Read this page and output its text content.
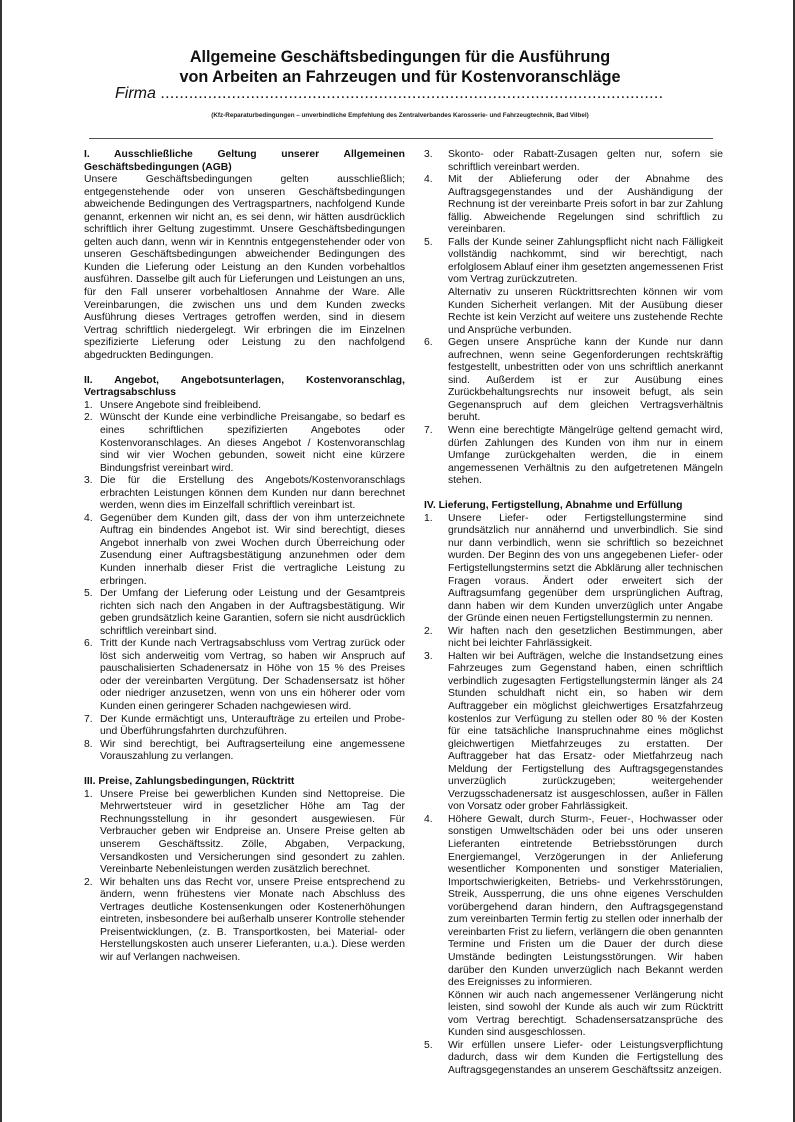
Allgemeine Geschäftsbedingungen für die Ausführung
von Arbeiten an Fahrzeugen und für Kostenvoranschläge
Firma ..........................................................................................................
(Kfz-Reparaturbedingungen – unverbindliche Empfehlung des Zentralverbandes Karosserie- und Fahrzeugtechnik, Bad Vilbel)

I. Ausschließliche Geltung unserer Allgemeinen Geschäftsbedingungen (AGB)

Unsere Geschäftsbedingungen gelten ausschließlich; entgegenstehende oder von unseren Geschäftsbedingungen abweichende Bedingungen des Vertragspartners, nachfolgend Kunde genannt, erkennen wir nicht an, es sei denn, wir hätten ausdrücklich schriftlich ihrer Geltung zugestimmt. Unsere Geschäftsbedingungen gelten auch dann, wenn wir in Kenntnis entgegenstehender oder von unseren Geschäftsbedingungen abweichender Bedingungen des Kunden die Lieferung oder Leistung an den Kunden vorbehaltlos ausführen. Dasselbe gilt auch für Lieferungen und Leistungen an uns, für den Fall unserer vorbehaltlosen Annahme der Ware. Alle Vereinbarungen, die zwischen uns und dem Kunden zwecks Ausführung dieses Vertrages getroffen werden, sind in diesem Vertrag schriftlich niedergelegt. Wir erbringen die im Einzelnen spezifizierte Lieferung oder Leistung zu den nachfolgend abgedruckten Bedingungen.

II. Angebot, Angebotsunterlagen, Kostenvoranschlag, Vertragsabschluss

1. Unsere Angebote sind freibleibend.
2. Wünscht der Kunde eine verbindliche Preisangabe, so bedarf es eines schriftlichen spezifizierten Angebotes oder Kostenvoranschlages. An dieses Angebot / Kostenvoranschlag sind wir vier Wochen gebunden, soweit nicht eine kürzere Bindungsfrist vereinbart wird.
3. Die für die Erstellung des Angebots/Kostenvoranschlags erbrachten Leistungen können dem Kunden nur dann berechnet werden, wenn dies im Einzelfall schriftlich vereinbart ist.
4. Gegenüber dem Kunden gilt, dass der von ihm unterzeichnete Auftrag ein bindendes Angebot ist. Wir sind berechtigt, dieses Angebot innerhalb von zwei Wochen durch Überreichung oder Zusendung einer Auftragsbestätigung anzunehmen oder dem Kunden innerhalb dieser Frist die vertragliche Leistung zu erbringen.
5. Der Umfang der Lieferung oder Leistung und der Gesamtpreis richten sich nach den Angaben in der Auftragsbestätigung. Wir geben grundsätzlich keine Garantien, sofern sie nicht ausdrücklich schriftlich vereinbart sind.
6. Tritt der Kunde nach Vertragsabschluss vom Vertrag zurück oder löst sich anderweitig vom Vertrag, so haben wir Anspruch auf pauschalisierten Schadenersatz in Höhe von 15 % des Preises oder der vereinbarten Vergütung. Der Schadensersatz ist höher oder niedriger anzusetzen, wenn von uns ein höherer oder vom Kunden einen geringerer Schaden nachgewiesen wird.
7. Der Kunde ermächtigt uns, Unteraufträge zu erteilen und Probe- und Überführungsfahrten durchzuführen.
8. Wir sind berechtigt, bei Auftragserteilung eine angemessene Vorauszahlung zu verlangen.

III. Preise, Zahlungsbedingungen, Rücktritt

1. Unsere Preise bei gewerblichen Kunden sind Nettopreise. Die Mehrwertsteuer wird in gesetzlicher Höhe am Tag der Rechnungsstellung in ihr gesondert ausgewiesen. Für Verbraucher geben wir Endpreise an. Unsere Preise gelten ab unserem Geschäftssitz. Zölle, Abgaben, Verpackung, Versandkosten und Versicherungen sind gesondert zu zahlen. Vereinbarte Nebenleistungen werden zusätzlich berechnet.
2. Wir behalten uns das Recht vor, unsere Preise entsprechend zu ändern, wenn frühestens vier Monate nach Abschluss des Vertrages deutliche Kostensenkungen oder Kostenerhöhungen eintreten, insbesondere bei außerhalb unserer Kontrolle stehender Preisentwicklungen, (z. B. Transportkosten, bei Material- oder Herstellungskosten auch unserer Lieferanten, u.a.). Diese werden wir auf Verlangen nachweisen.
3. Skonto- oder Rabatt-Zusagen gelten nur, sofern sie schriftlich vereinbart werden.
4. Mit der Ablieferung oder der Abnahme des Auftragsgegenstandes und der Aushändigung der Rechnung ist der vereinbarte Preis sofort in bar zur Zahlung fällig. Abweichende Regelungen sind schriftlich zu vereinbaren.
5. Falls der Kunde seiner Zahlungspflicht nicht nach Fälligkeit vollständig nachkommt, sind wir berechtigt, nach erfolglosem Ablauf einer ihm gesetzten angemessenen Frist vom Vertrag zurückzutreten.

Alternativ zu unseren Rücktrittsrechten können wir vom Kunden Sicherheit verlangen. Mit der Ausübung dieser Rechte ist kein Verzicht auf weitere uns zustehende Rechte und Ansprüche verbunden.

6. Gegen unsere Ansprüche kann der Kunde nur dann aufrechnen, wenn seine Gegenforderungen rechtskräftig festgestellt, unbestritten oder von uns schriftlich anerkannt sind. Außerdem ist er zur Ausübung eines Zurückbehaltungsrechts nur insoweit befugt, als sein Gegenanspruch auf dem gleichen Vertragsverhältnis beruht.
7. Wenn eine berechtigte Mängelrüge geltend gemacht wird, dürfen Zahlungen des Kunden von ihm nur in einem Umfange zurückgehalten werden, die in einem angemessenen Verhältnis zu den aufgetretenen Mängeln stehen.

IV. Lieferung, Fertigstellung, Abnahme und Erfüllung

1. Unsere Liefer- oder Fertigstellungstermine sind grundsätzlich nur annähernd und unverbindlich. Sie sind nur dann verbindlich, wenn sie schriftlich so bezeichnet wurden. Der Beginn des von uns angegebenen Liefer- oder Fertigstellungstermins setzt die Abklärung aller technischen Fragen voraus. Ändert oder erweitert sich der Auftragsumfang gegenüber dem ursprünglichen Auftrag, dann haben wir dem Kunden unverzüglich unter Angabe der Gründe einen neuen Fertigstellungstermin zu nennen.
2. Wir haften nach den gesetzlichen Bestimmungen, aber nicht bei leichter Fahrlässigkeit.
3. Halten wir bei Aufträgen, welche die Instandsetzung eines Fahrzeuges zum Gegenstand haben, einen schriftlich verbindlich zugesagten Fertigstellungstermin länger als 24 Stunden schuldhaft nicht ein, so haben wir dem Auftraggeber ein möglichst gleichwertiges Ersatzfahrzeug kostenlos zur Verfügung zu stellen oder 80 % der Kosten für eine tatsächliche Inanspruchnahme eines möglichst gleichwertigen Mietfahrzeuges zu erstatten. Der Auftraggeber hat das Ersatz- oder Mietfahrzeug nach Meldung der Fertigstellung des Auftragsgegenstandes unverzüglich zurückzugeben; weitergehender Verzugsschadenersatz ist ausgeschlossen, außer in Fällen von Vorsatz oder grober Fahrlässigkeit.
4. Höhere Gewalt, durch Sturm-, Feuer-, Hochwasser oder sonstigen Umweltschäden oder bei uns oder unseren Lieferanten eintretende Betriebsstörungen durch Energiemangel, Verzögerungen in der Anlieferung wesentlicher Komponenten und sonstiger Materialien, Importschwierigkeiten, Betriebs- und Verkehrsstörungen, Streik, Aussperrung, die uns ohne eigenes Verschulden vorübergehend daran hindern, den Auftragsgegenstand zum vereinbarten Termin fertig zu stellen oder innerhalb der vereinbarten Frist zu liefern, verlängern die oben genannten Termine und Fristen um die Dauer der durch diese Umstände bedingten Leistungsstörungen. Wir haben darüber den Kunden unverzüglich nach Bekannt werden des Ereignisses zu informieren.

Können wir auch nach angemessener Verlängerung nicht leisten, sind sowohl der Kunde als auch wir zum Rücktritt vom Vertrag berechtigt. Schadensersatzansprüche des Kunden sind ausgeschlossen.

5. Wir erfüllen unsere Liefer- oder Leistungsverpflichtung dadurch, dass wir dem Kunden die Fertigstellung des Auftragsgegenstandes an unserem Geschäftssitz anzeigen.
